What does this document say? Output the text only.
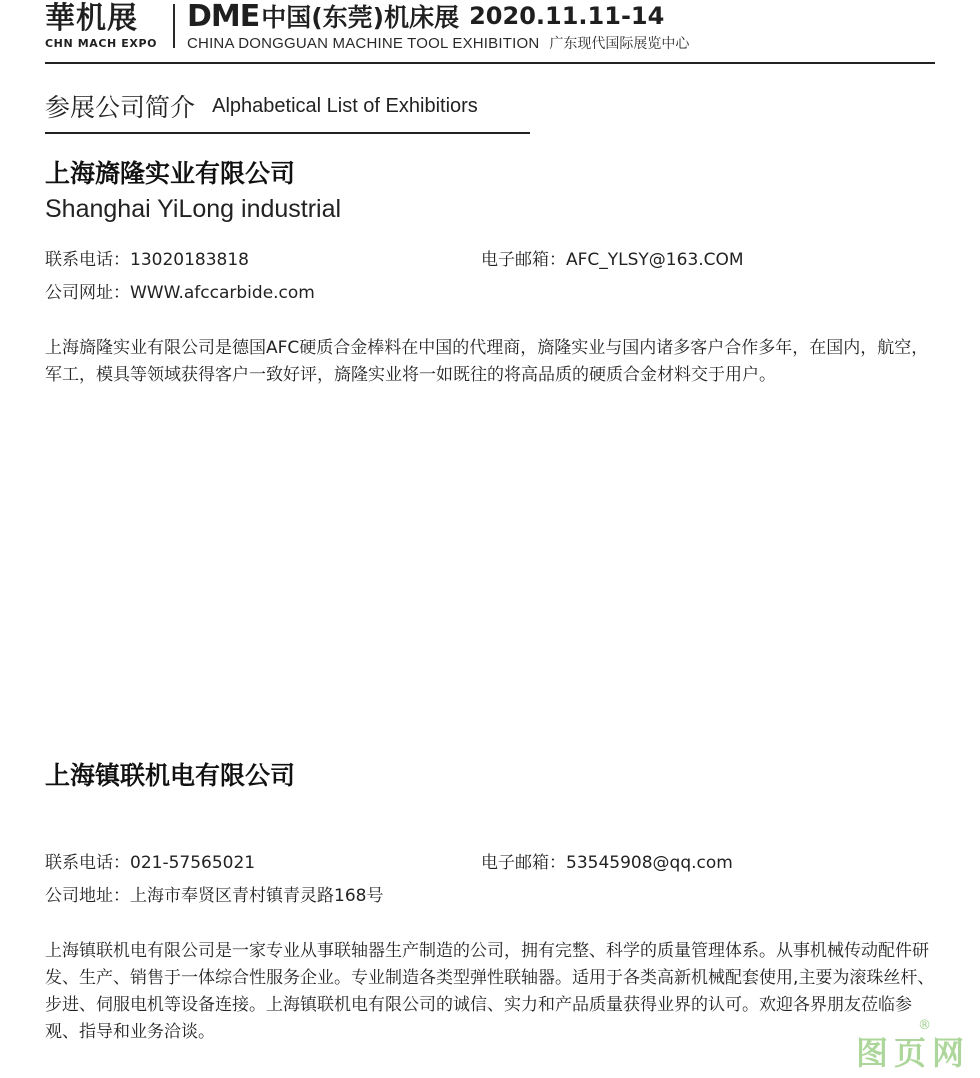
華机展
CHN MACH EXPO
DME 中国(东莞)机床展 2020.11.11-14
CHINA DONGGUAN MACHINE TOOL EXHIBITION 广东现代国际展览中心
参展公司简介 Alphabetical List of Exhibitiors
上海旖隆实业有限公司
Shanghai YiLong industrial
联系电话：13020183818	电子邮箱：AFC_YLSY@163.COM
公司网址：WWW.afccarbide.com
上海旖隆实业有限公司是德国AFC硬质合金棒料在中国的代理商，旖隆实业与国内诸多客户合作多年，在国内，航空，军工，模具等领域获得客户一致好评，旖隆实业将一如既往的将高品质的硬质合金材料交于用户。
上海镇联机电有限公司
联系电话：021-57565021	电子邮箱：53545908@qq.com
公司地址：上海市奉贤区青村镇青灵路168号
上海镇联机电有限公司是一家专业从事联轴器生产制造的公司，拥有完整、科学的质量管理体系。从事机械传动配件研发、生产、销售于一体综合性服务企业。专业制造各类型弹性联轴器。适用于各类高新机械配套使用,主要为滚珠丝杆、步进、伺服电机等设备连接。上海镇联机电有限公司的诚信、实力和产品质量获得业界的认可。欢迎各界朋友莅临参观、指导和业务洽谈。
图页网
®
